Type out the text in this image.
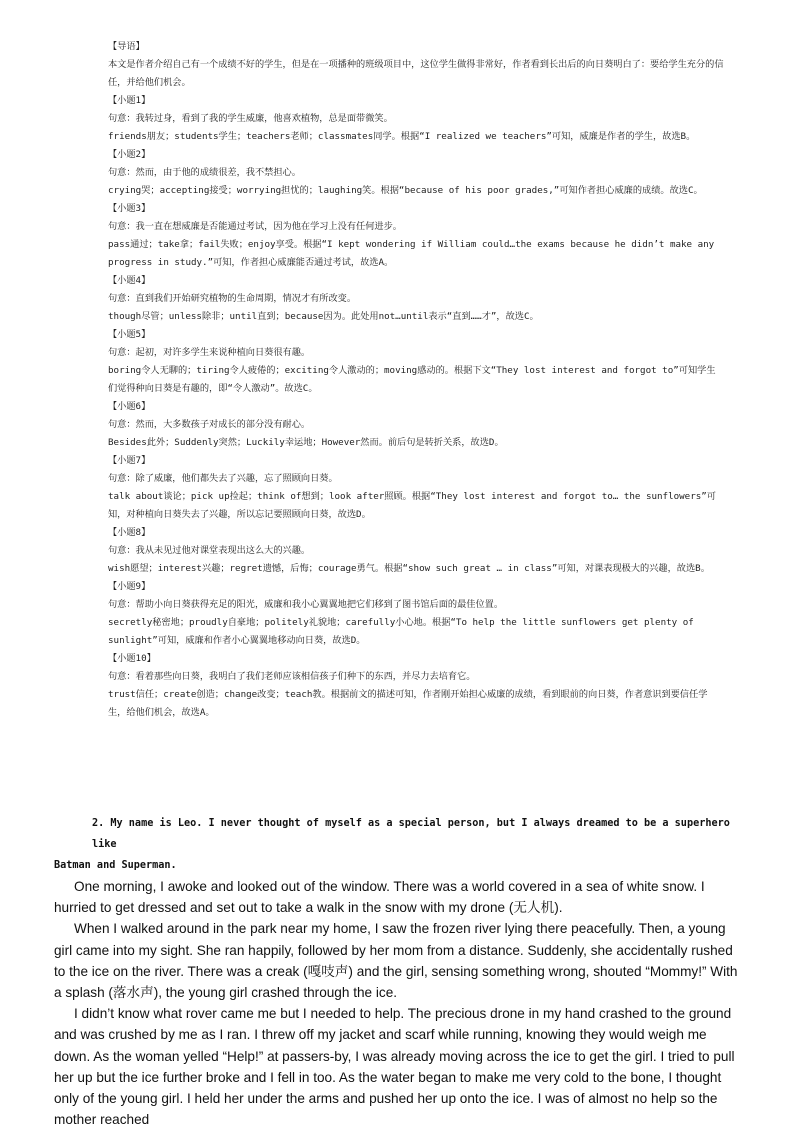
【导语】

本文是作者介绍自己有一个成绩不好的学生，但是在一项播种的班级项目中，这位学生做得非常好，作者看到长出后的向日葵明白了：要给学生充分的信任，并给他们机会。

【小题1】

句意：我转过身，看到了我的学生威廉，他喜欢植物，总是面带微笑。

friends朋友；students学生；teachers老师；classmates同学。根据“I realized we teachers”可知，威廉是作者的学生，故选B。

【小题2】

句意：然而，由于他的成绩很差，我不禁担心。

crying哭；accepting接受；worrying担忧的；laughing笑。根据“because of his poor grades,”可知作者担心威廉的成绩。故选C。

【小题3】

句意：我一直在想威廉是否能通过考试，因为他在学习上没有任何进步。

pass通过；take拿；fail失败；enjoy享受。根据“I kept wondering if William could…the exams because he didn’t make any progress in study.”可知，作者担心威廉能否通过考试，故选A。

【小题4】

句意：直到我们开始研究植物的生命周期，情况才有所改变。

though尽管；unless除非；until直到；because因为。此处用not…until表示“直到……才”，故选C。

【小题5】

句意：起初，对许多学生来说种植向日葵很有趣。

boring令人无聊的；tiring令人疲倦的；exciting令人激动的；moving感动的。根据下文“They lost interest and forgot to”可知学生们觉得种向日葵是有趣的，即“令人激动”。故选C。

【小题6】

句意：然而，大多数孩子对成长的部分没有耐心。

Besides此外；Suddenly突然；Luckily幸运地；However然而。前后句是转折关系，故选D。

【小题7】

句意：除了威廉，他们都失去了兴趣，忘了照顾向日葵。

talk about谈论；pick up捡起；think of想到；look after照顾。根据“They lost interest and forgot to… the sunflowers”可知，对种植向日葵失去了兴趣，所以忘记要照顾向日葵，故选D。

【小题8】

句意：我从未见过他对课堂表现出这么大的兴趣。

wish愿望；interest兴趣；regret遗憾，后悔；courage勇气。根据“show such great … in class”可知，对课表现极大的兴趣，故选B。

【小题9】

句意：帮助小向日葵获得充足的阳光，威廉和我小心翼翼地把它们移到了图书馆后面的最佳位置。

secretly秘密地；proudly自豪地；politely礼貌地；carefully小心地。根据“To help the little sunflowers get plenty of sunlight”可知，威廉和作者小心翼翼地移动向日葵，故选D。

【小题10】

句意：看着那些向日葵，我明白了我们老师应该相信孩子们种下的东西，并尽力去培育它。

trust信任；create创造；change改变；teach教。根据前文的描述可知，作者刚开始担心威廉的成绩，看到眼前的向日葵，作者意识到要信任学生，给他们机会，故选A。

2. My name is Leo. I never thought of myself as a special person, but I always dreamed to be a superhero like
Batman and Superman.

One morning, I awoke and looked out of the window. There was a world covered in a sea of white snow. I hurried to get dressed and set out to take a walk in the snow with my drone (无人机).

When I walked around in the park near my home, I saw the frozen river lying there peacefully. Then, a young girl came into my sight. She ran happily, followed by her mom from a distance. Suddenly, she accidentally rushed to the ice on the river. There was a creak (嘎吱声) and the girl, sensing something wrong, shouted “Mommy!” With a splash (落水声), the young girl crashed through the ice.

I didn’t know what rover came me but I needed to help. The precious drone in my hand crashed to the ground and was crushed by me as I ran. I threw off my jacket and scarf while running, knowing they would weigh me down. As the woman yelled “Help!” at passers-by, I was already moving across the ice to get the girl. I tried to pull her up but the ice further broke and I fell in too. As the water began to make me very cold to the bone, I thought only of the young girl. I held her under the arms and pushed her up onto the ice. I was of almost no help so the mother reached
